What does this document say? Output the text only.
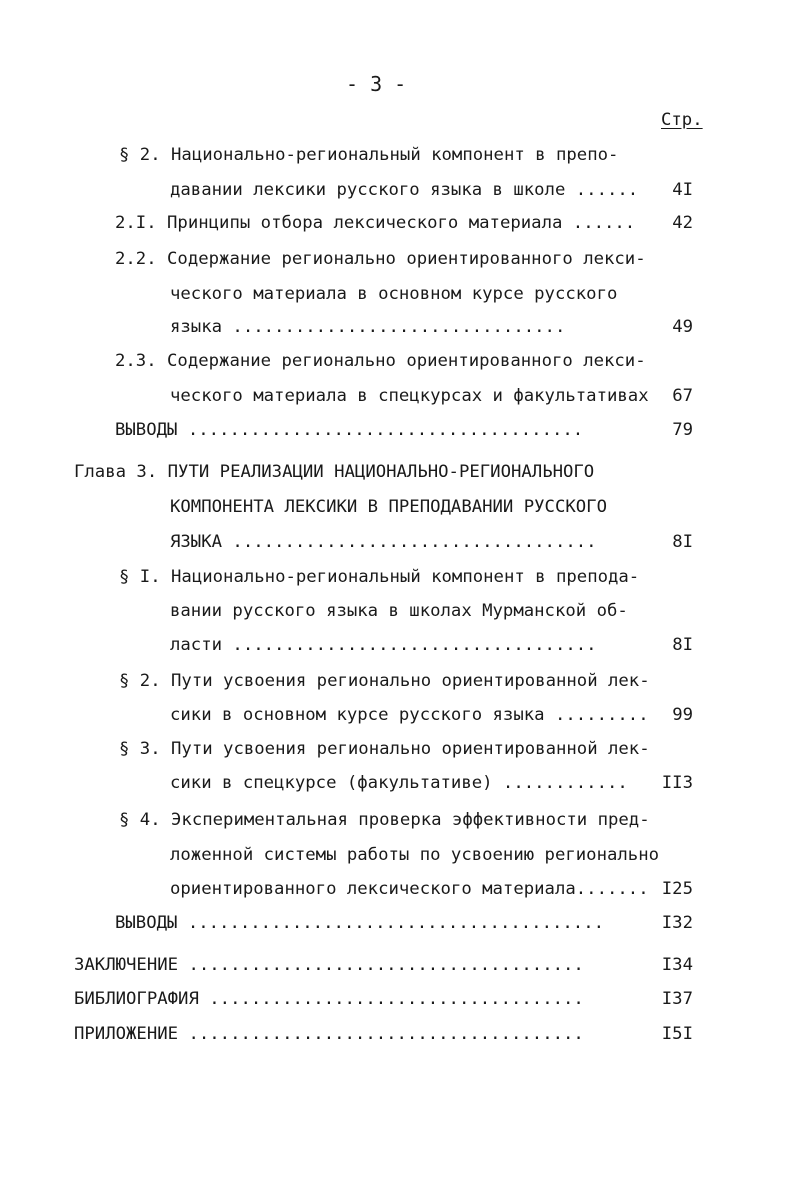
- 3 -

Стр.

§ 2. Национально-региональный компонент в препо-

давании лексики русского языка в школе ......	4I

2.I. Принципы отбора лексического материала ......	42

2.2. Содержание регионально ориентированного лекси-

ческого материала в основном курсе русского

языка ................................	49

2.3. Содержание регионально ориентированного лекси-

ческого материала в спецкурсах и факультативах	67

ВЫВОДЫ ......................................	79

Глава 3. ПУТИ РЕАЛИЗАЦИИ НАЦИОНАЛЬНО-РЕГИОНАЛЬНОГО

КОМПОНЕНТА ЛЕКСИКИ В ПРЕПОДАВАНИИ РУССКОГО

ЯЗЫКА ...................................	8I

§ I. Национально-региональный компонент в препода-

вании русского языка в школах Мурманской об-

ласти ...................................	8I

§ 2. Пути усвоения регионально ориентированной лек-

сики в основном курсе русского языка .........	99

§ 3. Пути усвоения регионально ориентированной лек-

сики в спецкурсе (факультативе) ............	II3

§ 4. Экспериментальная проверка эффективности пред-

ложенной системы работы по усвоению регионально

ориентированного лексического материала....... I25

ВЫВОДЫ ........................................	I32

ЗАКЛЮЧЕНИЕ ......................................	I34

БИБЛИОГРАФИЯ ....................................	I37

ПРИЛОЖЕНИЕ ......................................	I5I
